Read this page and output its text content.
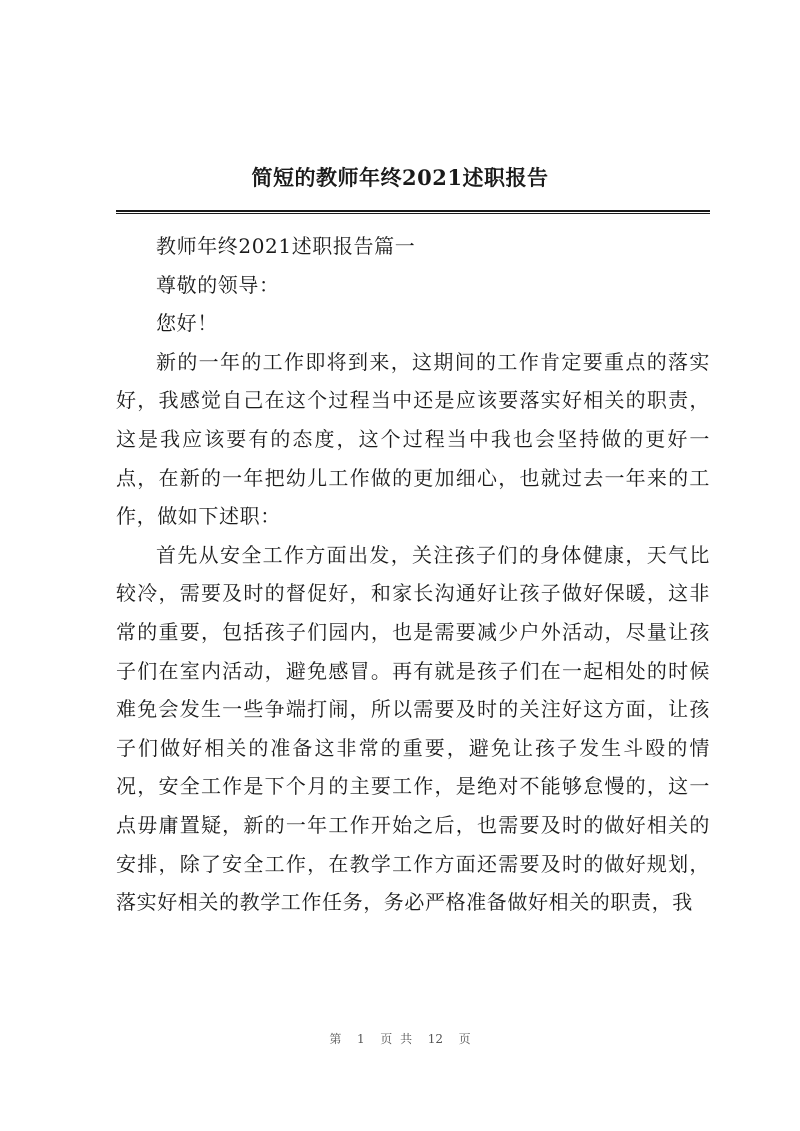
简短的教师年终2021述职报告

教师年终2021述职报告篇一

尊敬的领导：

您好！

新的一年的工作即将到来，这期间的工作肯定要重点的落实好，我感觉自己在这个过程当中还是应该要落实好相关的职责，这是我应该要有的态度，这个过程当中我也会坚持做的更好一点，在新的一年把幼儿工作做的更加细心，也就过去一年来的工作，做如下述职：

首先从安全工作方面出发，关注孩子们的身体健康，天气比较冷，需要及时的督促好，和家长沟通好让孩子做好保暖，这非常的重要，包括孩子们园内，也是需要减少户外活动，尽量让孩子们在室内活动，避免感冒。再有就是孩子们在一起相处的时候难免会发生一些争端打闹，所以需要及时的关注好这方面，让孩子们做好相关的准备这非常的重要，避免让孩子发生斗殴的情况，安全工作是下个月的主要工作，是绝对不能够怠慢的，这一点毋庸置疑，新的一年工作开始之后，也需要及时的做好相关的安排，除了安全工作，在教学工作方面还需要及时的做好规划，落实好相关的教学工作任务，务必严格准备做好相关的职责，我

第  1  页 共  12  页
